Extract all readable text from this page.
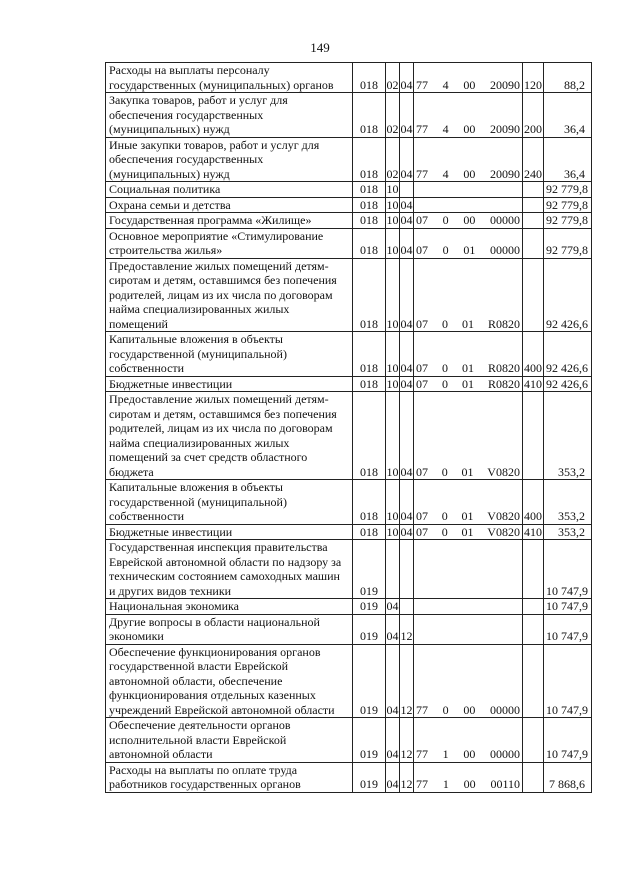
149
Расходы на выплаты персоналу государственных (муниципальных) органов	018	02	04	77 4 00 20090	120	88,2
Закупка товаров, работ и услуг для обеспечения государственных (муниципальных) нужд	018	02	04	77 4 00 20090	200	36,4
Иные закупки товаров, работ и услуг для обеспечения государственных (муниципальных) нужд	018	02	04	77 4 00 20090	240	36,4
Социальная политика	018	10				92 779,8
Охрана семьи и детства	018	10	04			92 779,8
Государственная программа «Жилище»	018	10	04	07 0 00 00000		92 779,8
Основное мероприятие «Стимулирование строительства жилья»	018	10	04	07 0 01 00000		92 779,8
Предоставление жилых помещений детям-сиротам и детям, оставшимся без попечения родителей, лицам из их числа по договорам найма специализированных жилых помещений	018	10	04	07 0 01 R0820		92 426,6
Капитальные вложения в объекты государственной (муниципальной) собственности	018	10	04	07 0 01 R0820	400	92 426,6
Бюджетные инвестиции	018	10	04	07 0 01 R0820	410	92 426,6
Предоставление жилых помещений детям-сиротам и детям, оставшимся без попечения родителей, лицам из их числа по договорам найма специализированных жилых помещений за счет средств областного бюджета	018	10	04	07 0 01 V0820		353,2
Капитальные вложения в объекты государственной (муниципальной) собственности	018	10	04	07 0 01 V0820	400	353,2
Бюджетные инвестиции	018	10	04	07 0 01 V0820	410	353,2
Государственная инспекция правительства Еврейской автономной области по надзору за техническим состоянием самоходных машин и других видов техники	019					10 747,9
Национальная экономика	019	04				10 747,9
Другие вопросы в области национальной экономики	019	04	12			10 747,9
Обеспечение функционирования органов государственной власти Еврейской автономной области, обеспечение функционирования отдельных казенных учреждений Еврейской автономной области	019	04	12	77 0 00 00000		10 747,9
Обеспечение деятельности органов исполнительной власти Еврейской автономной области	019	04	12	77 1 00 00000		10 747,9
Расходы на выплаты по оплате труда работников государственных органов	019	04	12	77 1 00 00110		7 868,6
